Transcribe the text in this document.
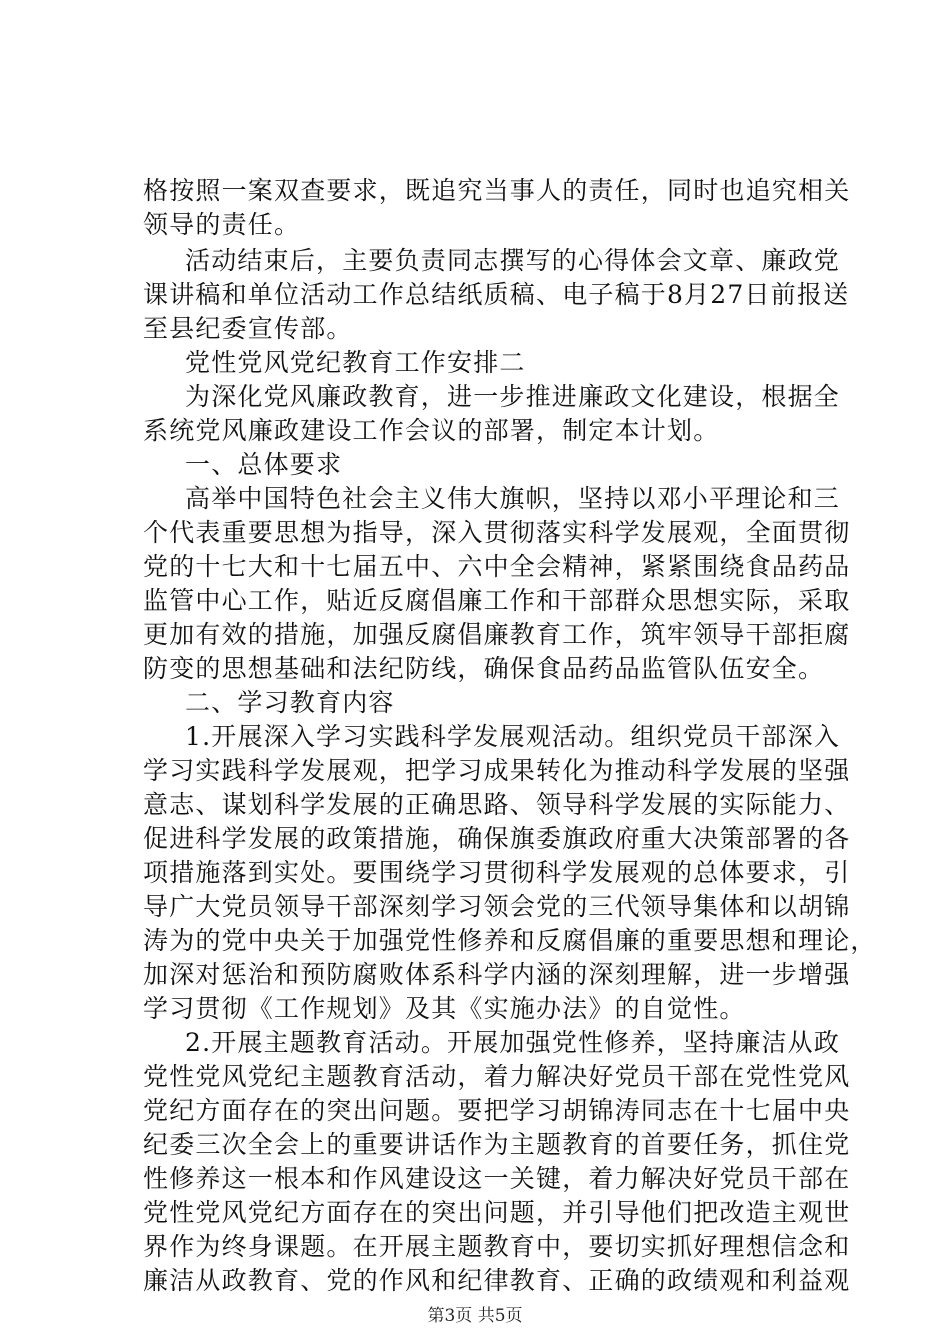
格按照一案双查要求，既追究当事人的责任，同时也追究相关
领导的责任。
活动结束后，主要负责同志撰写的心得体会文章、廉政党
课讲稿和单位活动工作总结纸质稿、电子稿于8月27日前报送
至县纪委宣传部。
党性党风党纪教育工作安排二
为深化党风廉政教育，进一步推进廉政文化建设，根据全
系统党风廉政建设工作会议的部署，制定本计划。
一、总体要求
高举中国特色社会主义伟大旗帜，坚持以邓小平理论和三
个代表重要思想为指导，深入贯彻落实科学发展观，全面贯彻
党的十七大和十七届五中、六中全会精神，紧紧围绕食品药品
监管中心工作，贴近反腐倡廉工作和干部群众思想实际，采取
更加有效的措施，加强反腐倡廉教育工作，筑牢领导干部拒腐
防变的思想基础和法纪防线，确保食品药品监管队伍安全。
二、学习教育内容
1.开展深入学习实践科学发展观活动。组织党员干部深入
学习实践科学发展观，把学习成果转化为推动科学发展的坚强
意志、谋划科学发展的正确思路、领导科学发展的实际能力、
促进科学发展的政策措施，确保旗委旗政府重大决策部署的各
项措施落到实处。要围绕学习贯彻科学发展观的总体要求，引
导广大党员领导干部深刻学习领会党的三代领导集体和以胡锦
涛为的党中央关于加强党性修养和反腐倡廉的重要思想和理论，
加深对惩治和预防腐败体系科学内涵的深刻理解，进一步增强
学习贯彻《工作规划》及其《实施办法》的自觉性。
2.开展主题教育活动。开展加强党性修养，坚持廉洁从政
党性党风党纪主题教育活动，着力解决好党员干部在党性党风
党纪方面存在的突出问题。要把学习胡锦涛同志在十七届中央
纪委三次全会上的重要讲话作为主题教育的首要任务，抓住党
性修养这一根本和作风建设这一关键，着力解决好党员干部在
党性党风党纪方面存在的突出问题，并引导他们把改造主观世
界作为终身课题。在开展主题教育中，要切实抓好理想信念和
廉洁从政教育、党的作风和纪律教育、正确的政绩观和利益观
第3页 共5页
